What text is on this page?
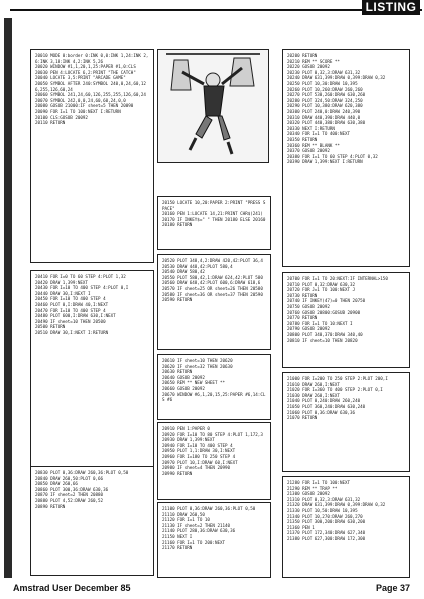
LISTING
20010 MODE 0:border 0:INK 0,0:INK 1,24:INK 2,6:INK 3,18:INK 4,2:INK 5,26
20020 WINDOW #1,1,20,1,25:PAPER #1,0:CLS
20030 PEN 4:LOCATE 6,2:PRINT "THE CATCH"
20040 LOCATE 3,5:PRINT "ARCADE GAME"
20050 SYMBOL AFTER 240:SYMBOL 240,0,24,60,126,255,126,60,24
20060 SYMBOL 241,24,60,126,255,255,126,60,24
20070 SYMBOL 242,0,0,24,60,60,24,0,0
20080 GOSUB 21000:IF sheet=5 THEN 20090
20090 FOR I=1 TO 100:NEXT I:RETURN
20100 CLS:GOSUB 20092
20110 RETURN
20410 FOR I=0 TO 60 STEP 4:PLOT 1,32
20420 DRAW 1,399:NEXT
20430 FOR I=10 TO 400 STEP 4:PLOT 0,I
20440 DRAW 30,I:NEXT I
20450 FOR I=10 TO 400 STEP 4
20460 PLOT 0,I:DRAW 40,I:NEXT
20470 FOR I=10 TO 400 STEP 4
20480 PLOT 600,I:DRAW 630,I:NEXT
20490 IF sheet=10 THEN 20500
20500 RETURN
20510 DRAW 30,I:NEXT I:RETURN
20830 PLOT 0,36:DRAW 260,36:PLOT 0,50
20840 DRAW 260,50:PLOT 0,66
20850 DRAW 260,66
20860 PLOT 300,36:DRAW 630,36
20870 IF sheet=2 THEN 20880
20880 PLOT 4,52:DRAW 260,52
20890 RETURN
20520 PLOT 348,4,2:DRAW 420,42:PLOT 36,4
20530 DRAW 448,42:PLOT 580,4
20540 DRAW 580,42
20550 PLOT 580,42,1:DRAW 624,42:PLOT 580
20560 DRAW 648,42:PLOT 600,6:DRAW 618,6
20570 IF sheet=25 OR sheet=26 THEN 20580
20580 IF sheet=36 OR sheet=37 THEN 20590
20590 RETURN
20610 IF sheet=10 THEN 20620
20620 IF sheet=32 THEN 20630
20630 RETURN
20640 GOSUB 20092
20650 REM ** NEW SHEET **
20660 GOSUB 20092
20670 WINDOW #6,1,20,15,25:PAPER #6,14:CLS #6
20910 PEN 1:PAPER 0
20920 FOR I=10 TO 80 STEP 4:PLOT 1,172,3
20930 DRAW 1,399:NEXT
20940 FOR I=10 TO 400 STEP 4
20950 PLOT 1,1:DRAW 30,I:NEXT
20960 FOR I=180 TO 250 STEP 4
20970 PLOT 10,I:DRAW 60,I:NEXT
20980 IF sheet=4 THEN 20990
20990 RETURN
21100 PLOT 0,36:DRAW 260,36:PLOT 0,50
21110 DRAW 260,50
21120 FOR I=1 TO 10
21130 IF sheet=2 THEN 21140
21140 PLOT 280,36:DRAW 630,36
21150 NEXT I
21160 FOR I=1 TO 200:NEXT
21170 RETURN
20150 LOCATE 10,20:PAPER 2:PRINT "PRESS SPACE"
20160 PEN 1:LOCATE 14,21:PRINT CHR$(241)
20170 IF INKEY$=" " THEN 20180 ELSE 20160
20180 RETURN
20200 RETURN
20210 REM ** SCORE **
20220 GOSUB 20092
20230 PLOT 0,32,3:DRAW 631,32
20240 DRAW 631,399:DRAW 0,399:DRAW 0,32
20250 PLOT 10,30:DRAW 10,395
20260 PLOT 10,260:DRAW 260,260
20270 PLOT 530,260:DRAW 630,260
20280 PLOT 324,50:DRAW 324,250
20290 PLOT 10,380:DRAW 620,380
20300 PLOT 240,0:DRAW 240,390
20310 DRAW 440,390:DRAW 440,0
20320 PLOT 440,380:DRAW 630,380
20330 NEXT I:RETURN
20340 FOR I=1 TO 400:NEXT
20350 RETURN
20360 REM ** BLANK **
20370 GOSUB 20092
20380 FOR I=1 TO 60 STEP 4:PLOT 0,32
20390 DRAW 1,399:NEXT I:RETURN
20700 FOR I=1 TO 20:NEXT:IF INTERNAL>150
20710 PLOT 0,32:DRAW 630,32
20720 FOR J=1 TO 100:NEXT J
20730 RETURN
20740 IF INKEY(47)=0 THEN 20750
20750 GOSUB 20092
20760 GOSUB 20800:GOSUB 20900
20770 RETURN
20780 FOR I=1 TO 10:NEXT I
20790 GOSUB 20092
20800 PLOT 340,370:DRAW 340,40
20810 IF sheet=10 THEN 20820
21000 FOR I=200 TO 250 STEP 2:PLOT 200,I
21010 DRAW 260,I:NEXT
21020 FOR I=360 TO 400 STEP 2:PLOT 0,I
21030 DRAW 260,I:NEXT
21040 PLOT 0,240:DRAW 260,240
21050 PLOT 360,240:DRAW 630,240
21060 PLOT 0,36:DRAW 630,36
21070 RETURN
21280 FOR I=1 TO 100:NEXT
21290 REM ** TRAP **
21300 GOSUB 20092
21310 PLOT 0,32,3:DRAW 631,32
21320 DRAW 631,399:DRAW 0,399:DRAW 0,32
21330 PLOT 10,50:DRAW 10,395
21340 PLOT 10,270:DRAW 260,270
21350 PLOT 300,200:DRAW 630,200
21360 PEN 1
21370 PLOT 172,340:DRAW 627,340
21380 PLOT 627,300:DRAW 172,300
Amstrad User December 85	Page 37
